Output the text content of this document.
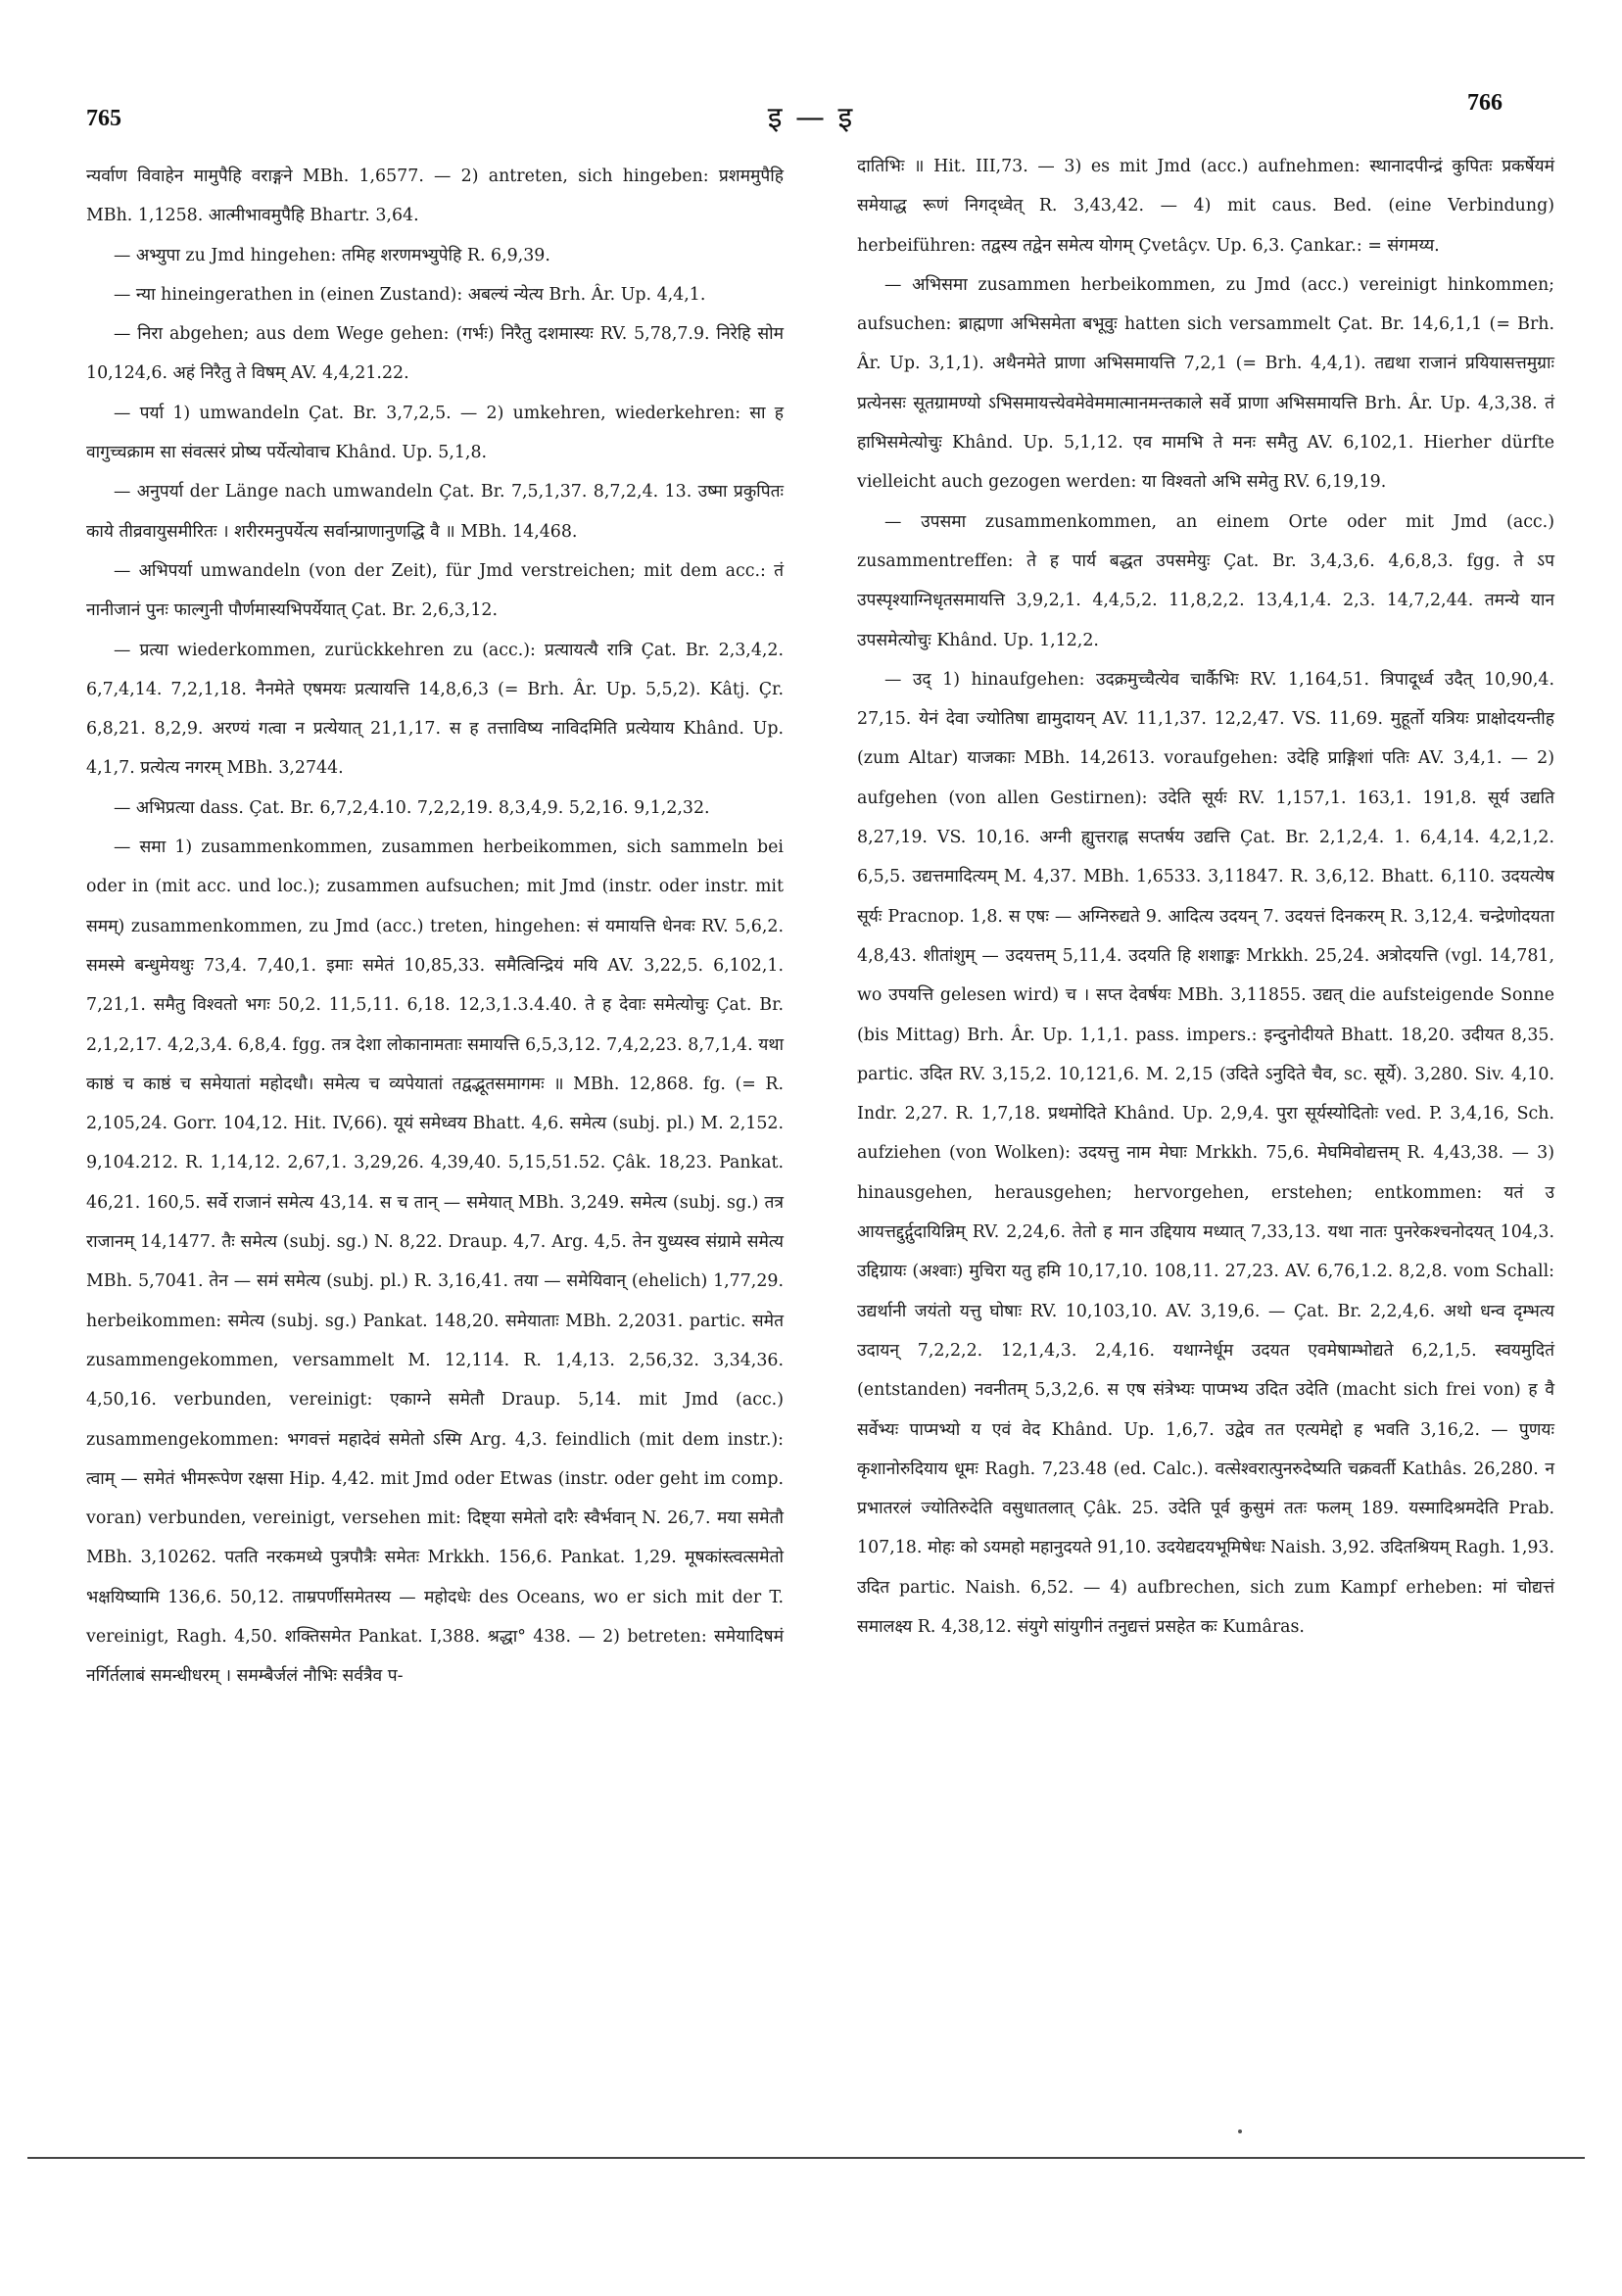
765	इ — इ	766

न्यर्वाण विवाहेन मामुपैहि वराङ्गने MBh. 1,6577. — 2) antreten, sich hingeben: प्रशममुपैहि MBh. 1,1258. आत्मीभावमुपैहि Bhartr. 3,64.

— अभ्युपा zu Jmd hingehen: तमिह शरणमभ्युपेहि R. 6,9,39.

— न्या hineingerathen in (einen Zustand): अबल्यं न्येत्य Brh. Âr. Up. 4,4,1.

— निरा abgehen; aus dem Wege gehen: (गर्भः) निरैतु दशमास्यः RV. 5,78,7.9. निरेहि सोम 10,124,6. अहं निरैतु ते विषम् AV. 4,4,21.22.

— पर्या 1) umwandeln Çat. Br. 3,7,2,5. — 2) umkehren, wiederkehren: सा ह वागुच्चक्राम सा संवत्सरं प्रोष्य पर्येत्योवाच Khând. Up. 5,1,8.

— अनुपर्या der Länge nach umwandeln Çat. Br. 7,5,1,37. 8,7,2,4. 13. उष्मा प्रकुपितः काये तीव्रवायुसमीरितः । शरीरमनुपर्येत्य सर्वान्प्राणानुणद्धि वै ॥ MBh. 14,468.

— अभिपर्या umwandeln (von der Zeit), für Jmd verstreichen; mit dem acc.: तं नानीजानं पुनः फाल्गुनी पौर्णमास्यभिपर्येयात् Çat. Br. 2,6,3,12.

— प्रत्या wiederkommen, zurückkehren zu (acc.): प्रत्यायत्यै रात्रि Çat. Br. 2,3,4,2. 6,7,4,14. 7,2,1,18. नैनमेते एषमयः प्रत्यायत्ति 14,8,6,3 (= Brh. Âr. Up. 5,5,2). Kâtj. Çr. 6,8,21. 8,2,9. अरण्यं गत्वा न प्रत्येयात् 21,1,17. स ह तत्ताविष्य नाविदमिति प्रत्येयाय Khând. Up. 4,1,7. प्रत्येत्य नगरम् MBh. 3,2744.

— अभिप्रत्या dass. Çat. Br. 6,7,2,4.10. 7,2,2,19. 8,3,4,9. 5,2,16. 9,1,2,32.

— समा 1) zusammenkommen, zusammen herbeikommen, sich sammeln bei oder in (mit acc. und loc.); zusammen aufsuchen; mit Jmd (instr. oder instr. mit समम्) zusammenkommen, zu Jmd (acc.) treten, hingehen: सं यमायत्ति धेनवः RV. 5,6,2. समस्मे बन्धुमेयथुः 73,4. 7,40,1. इमाः समेतं 10,85,33. समैत्विन्द्रियं मयि AV. 3,22,5. 6,102,1. 7,21,1. समैतु विश्वतो भगः 50,2. 11,5,11. 6,18. 12,3,1.3.4.40. ते ह देवाः समेत्योचुः Çat. Br. 2,1,2,17. 4,2,3,4. 6,8,4. fgg. तत्र देशा लोकानामताः समायत्ति 6,5,3,12. 7,4,2,23. 8,7,1,4. यथा काष्ठं च काष्ठं च समेयातां महोदधौ। समेत्य च व्यपेयातां तद्वद्भूतसमागमः ॥ MBh. 12,868. fg. (= R. 2,105,24. Gorr. 104,12. Hit. IV,66). यूयं समेध्वय Bhatt. 4,6. समेत्य (subj. pl.) M. 2,152. 9,104.212. R. 1,14,12. 2,67,1. 3,29,26. 4,39,40. 5,15,51.52. Çâk. 18,23. Pankat. 46,21. 160,5. सर्वे राजानं समेत्य 43,14. स च तान् — समेयात् MBh. 3,249. समेत्य (subj. sg.) तत्र राजानम् 14,1477. तैः समेत्य (subj. sg.) N. 8,22. Draup. 4,7. Arg. 4,5. तेन युध्यस्व संग्रामे समेत्य MBh. 5,7041. तेन — समं समेत्य (subj. pl.) R. 3,16,41. तया — समेयिवान् (ehelich) 1,77,29. herbeikommen: समेत्य (subj. sg.) Pankat. 148,20. समेयाताः MBh. 2,2031. partic. समेत zusammengekommen, versammelt M. 12,114. R. 1,4,13. 2,56,32. 3,34,36. 4,50,16. verbunden, vereinigt: एकाग्ने समेतौ Draup. 5,14. mit Jmd (acc.) zusammengekommen: भगवत्तं महादेवं समेतो ऽस्मि Arg. 4,3. feindlich (mit dem instr.): त्वाम् — समेतं भीमरूपेण रक्षसा Hip. 4,42. mit Jmd oder Etwas (instr. oder geht im comp. voran) verbunden, vereinigt, versehen mit: दिष्ट्या समेतो दारैः स्वैर्भवान् N. 26,7. मया समेतौ MBh. 3,10262. पतति नरकमध्ये पुत्रपौत्रैः समेतः Mrkkh. 156,6. Pankat. 1,29. मूषकांस्त्वत्समेतो भक्षयिष्यामि 136,6. 50,12. ताम्रपर्णीसमेतस्य — महोदधेः des Oceans, wo er sich mit der T. vereinigt, Ragh. 4,50. शक्तिसमेत Pankat. I,388. श्रद्धा° 438. — 2) betreten: समेयादिषमं नर्गिर्तलाबं समन्धीधरम् । समम्बैर्जलं नौभिः सर्वत्रैव प-

दातिभिः ॥ Hit. III,73. — 3) es mit Jmd (acc.) aufnehmen: स्थानादपीन्द्रं कुपितः प्रकर्षेयमं समेयाद्ध रूणं निगद्ध्वेत् R. 3,43,42. — 4) mit caus. Bed. (eine Verbindung) herbeiführen: तद्वस्य तद्वेन समेत्य योगम् Çvetâçv. Up. 6,3. Çankar.: = संगमय्य.

— अभिसमा zusammen herbeikommen, zu Jmd (acc.) vereinigt hinkommen; aufsuchen: ब्राह्मणा अभिसमेता बभूवुः hatten sich versammelt Çat. Br. 14,6,1,1 (= Brh. Âr. Up. 3,1,1). अथैनमेते प्राणा अभिसमायत्ति 7,2,1 (= Brh. 4,4,1). तद्यथा राजानं प्रयियासत्तमुग्राः प्रत्येनसः सूतग्रामण्यो ऽभिसमायत्त्येवमेवेममात्मानमन्तकाले सर्वे प्राणा अभिसमायत्ति Brh. Âr. Up. 4,3,38. तं हाभिसमेत्योचुः Khând. Up. 5,1,12. एव मामभि ते मनः समैतु AV. 6,102,1. Hierher dürfte vielleicht auch gezogen werden: या विश्वतो अभि समेतु RV. 6,19,19.

— उपसमा zusammenkommen, an einem Orte oder mit Jmd (acc.) zusammentreffen: ते ह पार्य बद्धत उपसमेयुः Çat. Br. 3,4,3,6. 4,6,8,3. fgg. ते ऽप उपस्पृश्याग्निधृतसमायत्ति 3,9,2,1. 4,4,5,2. 11,8,2,2. 13,4,1,4. 2,3. 14,7,2,44. तमन्ये यान उपसमेत्योचुः Khând. Up. 1,12,2.

— उद् 1) hinaufgehen: उदक्रमुच्चैत्येव चार्कैभिः RV. 1,164,51. त्रिपादूर्ध्व उदैत् 10,90,4. 27,15. येनं देवा ज्योतिषा द्यामुदायन् AV. 11,1,37. 12,2,47. VS. 11,69. मुहूर्तो यत्रियः प्राक्षोदयन्तीह (zum Altar) याजकाः MBh. 14,2613. voraufgehen: उदेहि प्राङ्गिशां पतिः AV. 3,4,1. — 2) aufgehen (von allen Gestirnen): उदेति सूर्यः RV. 1,157,1. 163,1. 191,8. सूर्य उद्यति 8,27,19. VS. 10,16. अग्नी ह्युत्तराह्न सप्तर्षय उद्यत्ति Çat. Br. 2,1,2,4. 1. 6,4,14. 4,2,1,2. 6,5,5. उद्यत्तमादित्यम् M. 4,37. MBh. 1,6533. 3,11847. R. 3,6,12. Bhatt. 6,110. उदयत्येष सूर्यः Pracnop. 1,8. स एषः — अग्निरुद्यते 9. आदित्य उदयन् 7. उदयत्तं दिनकरम् R. 3,12,4. चन्द्रेणोदयता 4,8,43. शीतांशुम् — उदयत्तम् 5,11,4. उदयति हि शशाङ्कः Mrkkh. 25,24. अत्रोदयत्ति (vgl. 14,781, wo उपयत्ति gelesen wird) च । सप्त देवर्षयः MBh. 3,11855. उद्यत् die aufsteigende Sonne (bis Mittag) Brh. Âr. Up. 1,1,1. pass. impers.: इन्दुनोदीयते Bhatt. 18,20. उदीयत 8,35. partic. उदित RV. 3,15,2. 10,121,6. M. 2,15 (उदिते ऽनुदिते चैव, sc. सूर्ये). 3,280. Siv. 4,10. Indr. 2,27. R. 1,7,18. प्रथमोदिते Khând. Up. 2,9,4. पुरा सूर्यस्योदितोः ved. P. 3,4,16, Sch. aufziehen (von Wolken): उदयत्तु नाम मेघाः Mrkkh. 75,6. मेघमिवोद्यत्तम् R. 4,43,38. — 3) hinausgehen, herausgehen; hervorgehen, erstehen; entkommen: यतं उ आयत्तद्दुर्द्गुदायिन्निम् RV. 2,24,6. तेतो ह मान उद्दियाय मध्यात् 7,33,13. यथा नातः पुनरेकश्चनोदयत् 104,3. उद्दिग्रायः (अश्वाः) मुचिरा यतु हमि 10,17,10. 108,11. 27,23. AV. 6,76,1.2. 8,2,8. vom Schall: उद्यर्थानी जयंतो यत्तु घोषाः RV. 10,103,10. AV. 3,19,6. — Çat. Br. 2,2,4,6. अथो धन्व दृम्भत्य उदायन् 7,2,2,2. 12,1,4,3. 2,4,16. यथाग्नेर्धूम उदयत एवमेषाम्भोद्यते 6,2,1,5. स्वयमुदितं (entstanden) नवनीतम् 5,3,2,6. स एष संत्रेभ्यः पाप्मभ्य उदित उदेति (macht sich frei von) ह वै सर्वेभ्यः पाप्मभ्यो य एवं वेद Khând. Up. 1,6,7. उद्वेव तत एत्यमेद्दो ह भवति 3,16,2. — पुणयः कृशानोरुदियाय धूमः Ragh. 7,23.48 (ed. Calc.). वत्सेश्वरात्पुनरुदेष्यति चक्रवर्ती Kathâs. 26,280. न प्रभातरलं ज्योतिरुदेति वसुधातलात् Çâk. 25. उदेति पूर्व कुसुमं ततः फलम् 189. यस्मादिश्रमदेति Prab. 107,18. मोहः को ऽयमहो महानुदयते 91,10. उदयेद्यदयभूमिषेधः Naish. 3,92. उदितश्रियम् Ragh. 1,93. उदित partic. Naish. 6,52. — 4) aufbrechen, sich zum Kampf erheben: मां चोद्यत्तं समालक्ष्य R. 4,38,12. संयुगे सांयुगीनं तनुद्यत्तं प्रसहेत कः Kumâras.
